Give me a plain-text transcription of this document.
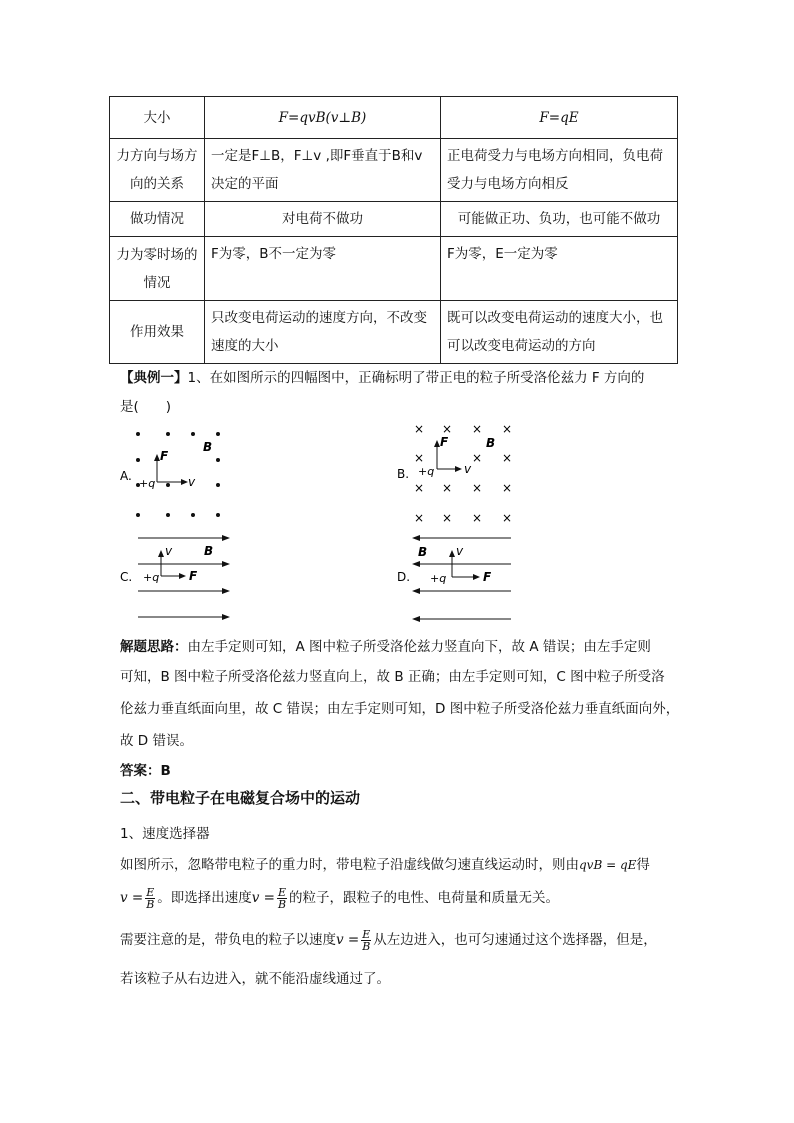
大小	F=qvB(v⊥B)	F=qE
力方向与场方向的关系	一定是F⊥B，F⊥v ,即F垂直于B和v决定的平面	正电荷受力与电场方向相同，负电荷受力与电场方向相反
做功情况	对电荷不做功	可能做正功、负功，也可能不做功
力为零时场的情况	F为零，B不一定为零	F为零，E一定为零
作用效果	只改变电荷运动的速度方向，不改变速度的大小	既可以改变电荷运动的速度大小，也可以改变电荷运动的方向
【典例一】1、在如图所示的四幅图中，正确标明了带正电的粒子所受洛伦兹力 F 方向的
是(　　)
A.
+q
F
v
B
× × × ×
×	× ×
× × × ×
× × × ×
B. +q
F
v
B
C. +q
v
F
B
D.
B
+q
v
F
解题思路：由左手定则可知，A 图中粒子所受洛伦兹力竖直向下，故 A 错误；由左手定则
可知，B 图中粒子所受洛伦兹力竖直向上，故 B 正确；由左手定则可知，C 图中粒子所受洛
伦兹力垂直纸面向里，故 C 错误；由左手定则可知，D 图中粒子所受洛伦兹力垂直纸面向外，
故 D 错误。
答案：B
二、带电粒子在电磁复合场中的运动
1、速度选择器
如图所示，忽略带电粒子的重力时，带电粒子沿虚线做匀速直线运动时，则由qvB = qE得
$v = \frac{E}{B}$ 。即选择出速度$v = \frac{E}{B}$ 的粒子，跟粒子的电性、电荷量和质量无关。
需要注意的是，带负电的粒子以速度$v = \frac{E}{B}$ 从左边进入，也可匀速通过这个选择器，但是，
若该粒子从右边进入，就不能沿虚线通过了。
